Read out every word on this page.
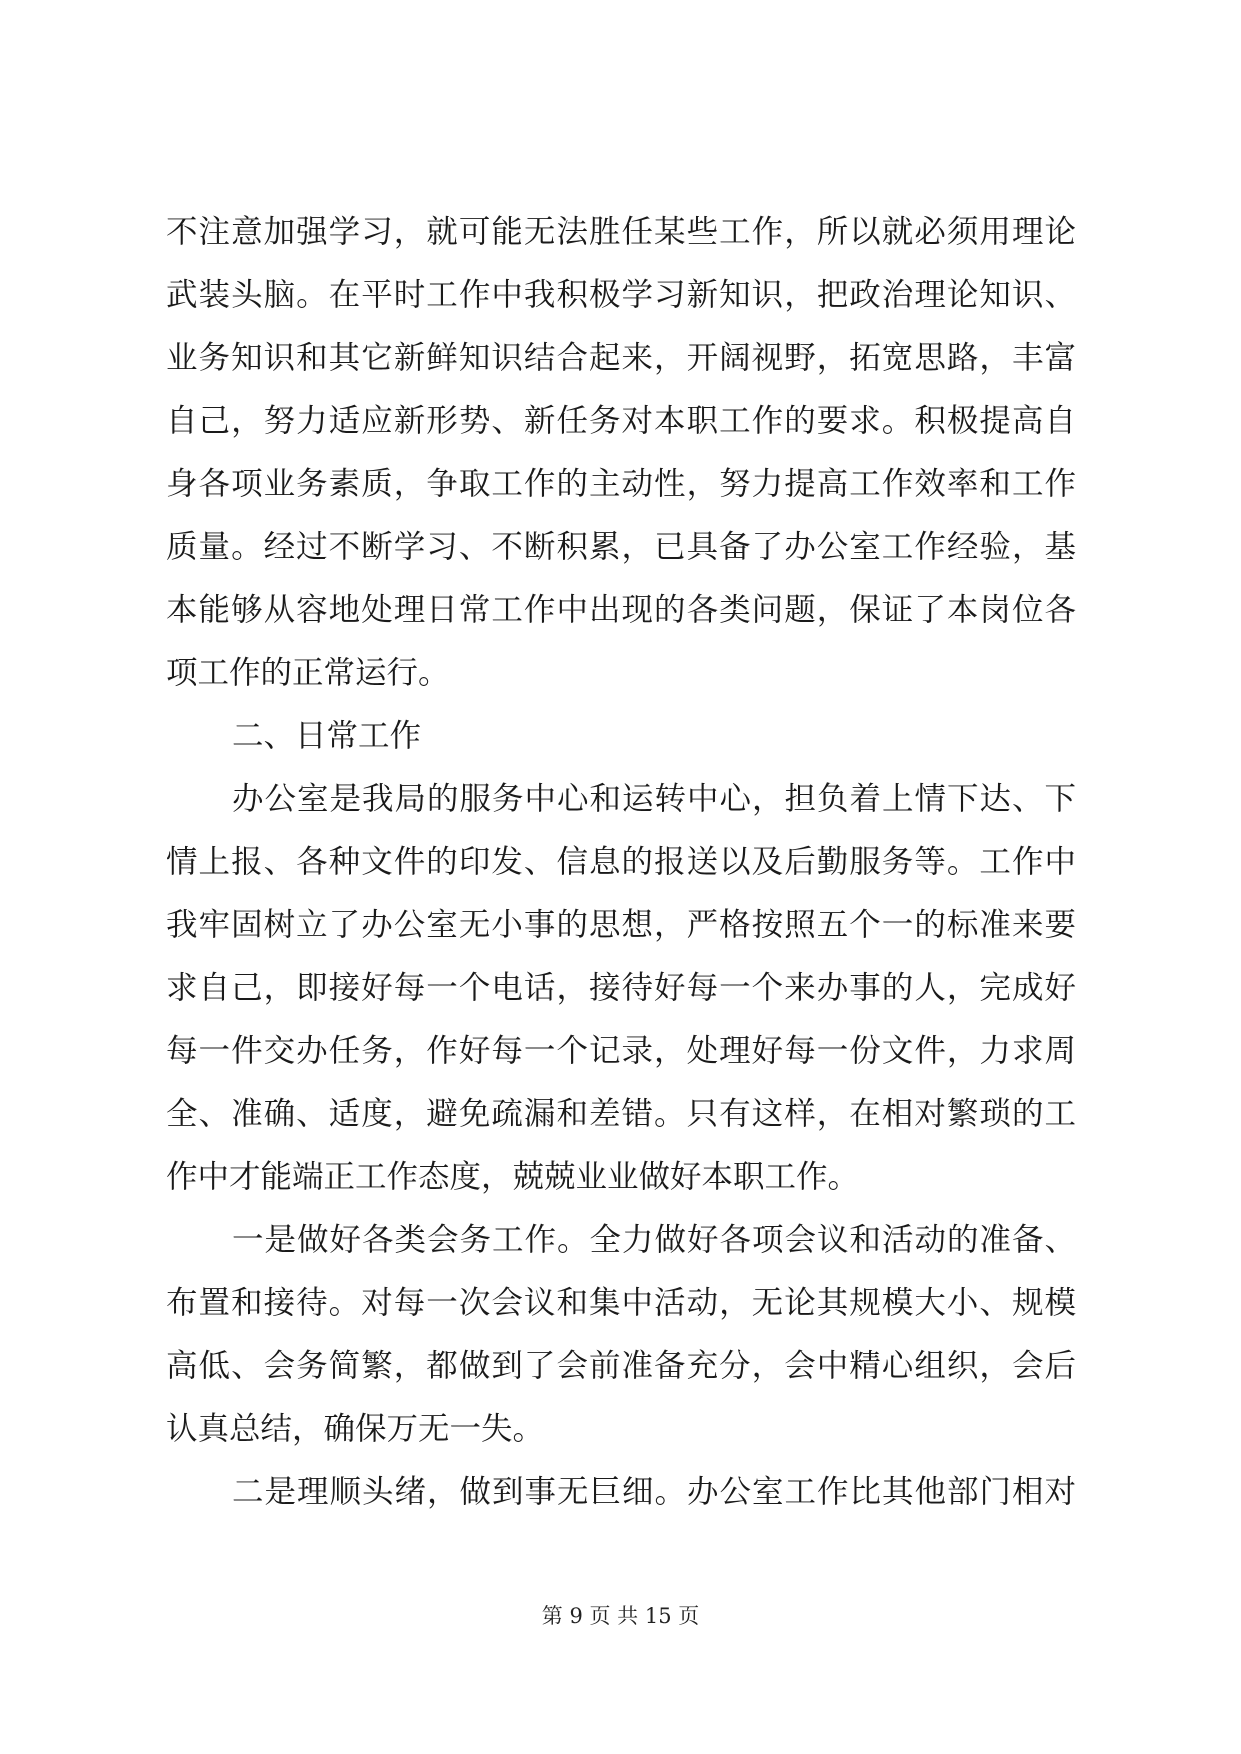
不注意加强学习，就可能无法胜任某些工作，所以就必须用理论
武装头脑。在平时工作中我积极学习新知识，把政治理论知识、
业务知识和其它新鲜知识结合起来，开阔视野，拓宽思路，丰富
自己，努力适应新形势、新任务对本职工作的要求。积极提高自
身各项业务素质，争取工作的主动性，努力提高工作效率和工作
质量。经过不断学习、不断积累，已具备了办公室工作经验，基
本能够从容地处理日常工作中出现的各类问题，保证了本岗位各
项工作的正常运行。
二、日常工作
办公室是我局的服务中心和运转中心，担负着上情下达、下
情上报、各种文件的印发、信息的报送以及后勤服务等。工作中
我牢固树立了办公室无小事的思想，严格按照五个一的标准来要
求自己，即接好每一个电话，接待好每一个来办事的人，完成好
每一件交办任务，作好每一个记录，处理好每一份文件，力求周
全、准确、适度，避免疏漏和差错。只有这样，在相对繁琐的工
作中才能端正工作态度，兢兢业业做好本职工作。
一是做好各类会务工作。全力做好各项会议和活动的准备、
布置和接待。对每一次会议和集中活动，无论其规模大小、规模
高低、会务简繁，都做到了会前准备充分，会中精心组织，会后
认真总结，确保万无一失。
二是理顺头绪，做到事无巨细。办公室工作比其他部门相对
第 9 页 共 15 页
